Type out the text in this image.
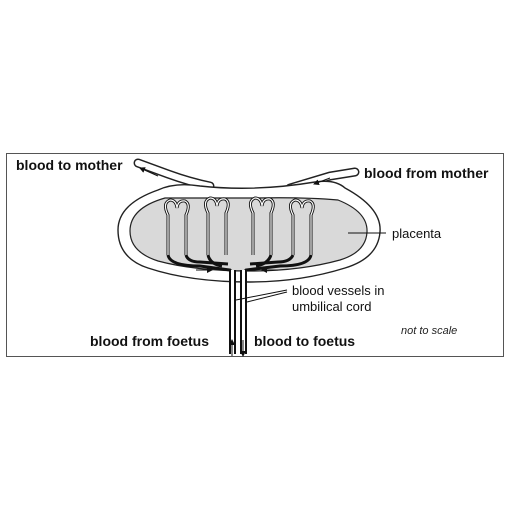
blood to mother	blood from mother
placenta
blood vessels in
umbilical cord
not to scale
blood from foetus	blood to foetus
